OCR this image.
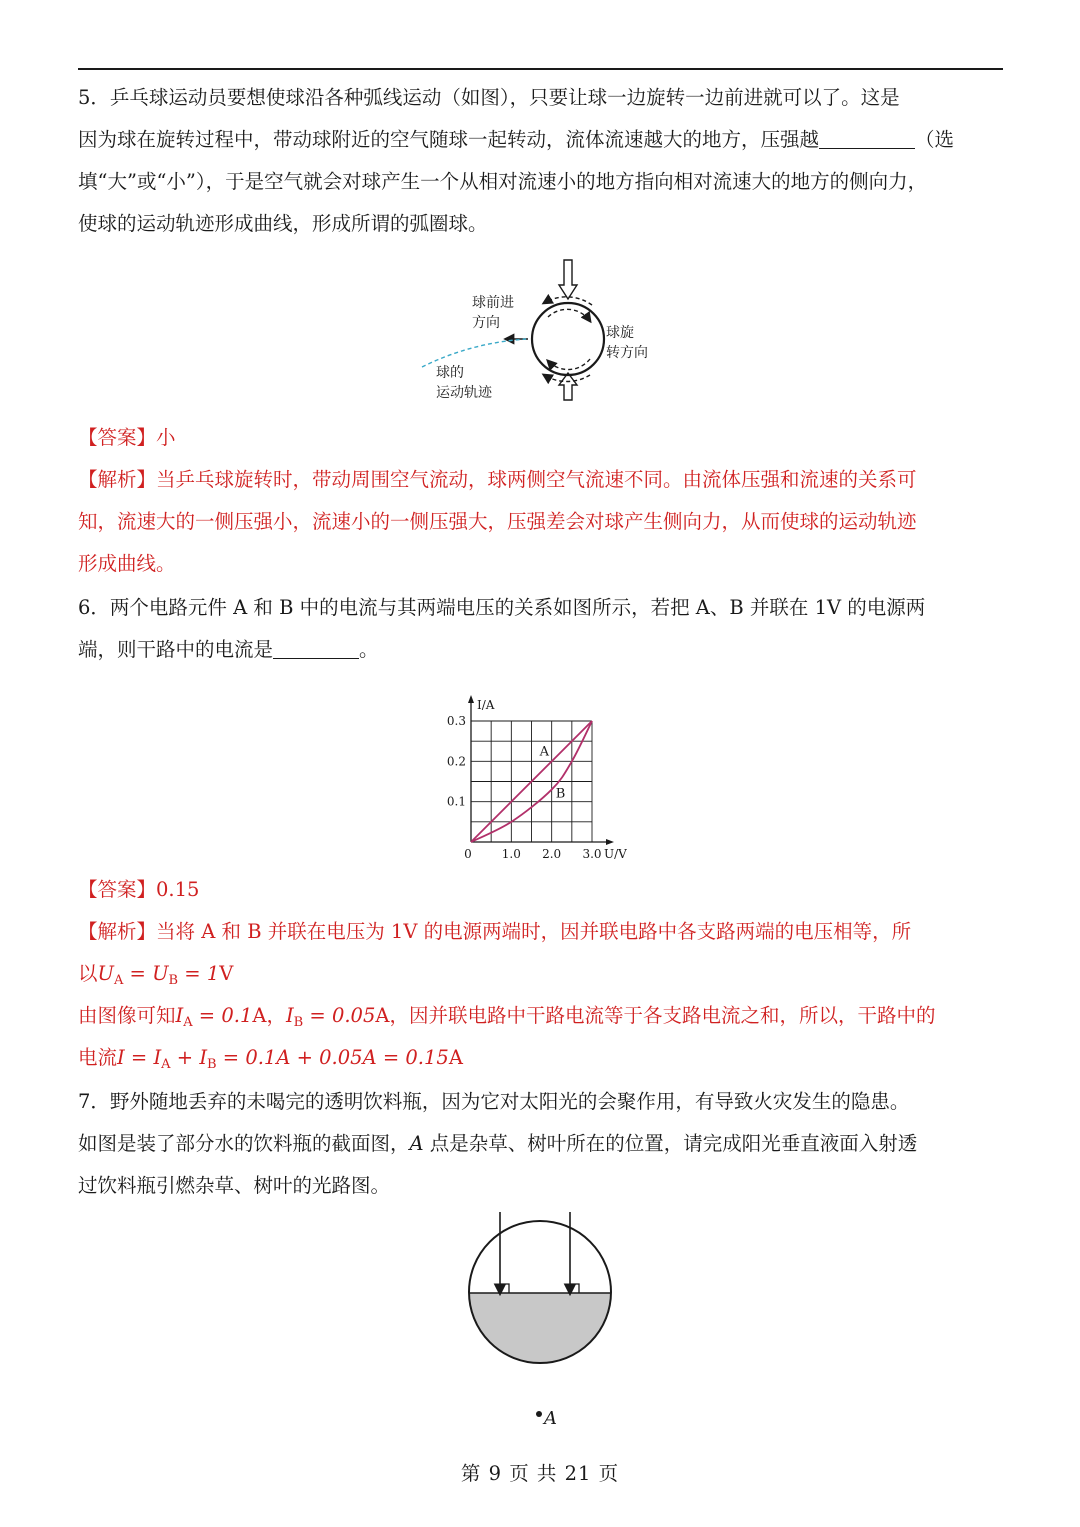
5．乒乓球运动员要想使球沿各种弧线运动（如图），只要让球一边旋转一边前进就可以了。这是
因为球在旋转过程中，带动球附近的空气随球一起转动，流体流速越大的地方，压强越	（选
填“大”或“小”），于是空气就会对球产生一个从相对流速小的地方指向相对流速大的地方的侧向力，
使球的运动轨迹形成曲线，形成所谓的弧圈球。
球前进
方向
球旋
转方向
球的
运动轨迹
【答案】小
【解析】当乒乓球旋转时，带动周围空气流动，球两侧空气流速不同。由流体压强和流速的关系可
知，流速大的一侧压强小，流速小的一侧压强大，压强差会对球产生侧向力，从而使球的运动轨迹
形成曲线。
6．两个电路元件 A 和 B 中的电流与其两端电压的关系如图所示，若把 A、B 并联在 1V 的电源两
端，则干路中的电流是	。
0 1.0 2.0 3.0
0.1
0.2
0.3
U/V
I/A
A
B
【答案】0.15
【解析】当将 A 和 B 并联在电压为 1V 的电源两端时，因并联电路中各支路两端的电压相等，所
以$U_A = U_B = 1V$
由图像可知$I_A = 0.1A$，$I_B = 0.05A$，因并联电路中干路电流等于各支路电流之和，所以，干路中的
电流$I = I_A + I_B = 0.1A + 0.05A = 0.15A$
7．野外随地丢弃的未喝完的透明饮料瓶，因为它对太阳光的会聚作用，有导致火灾发生的隐患。
如图是装了部分水的饮料瓶的截面图，A 点是杂草、树叶所在的位置，请完成阳光垂直液面入射透
过饮料瓶引燃杂草、树叶的光路图。
A
第 9 页 共 21 页
